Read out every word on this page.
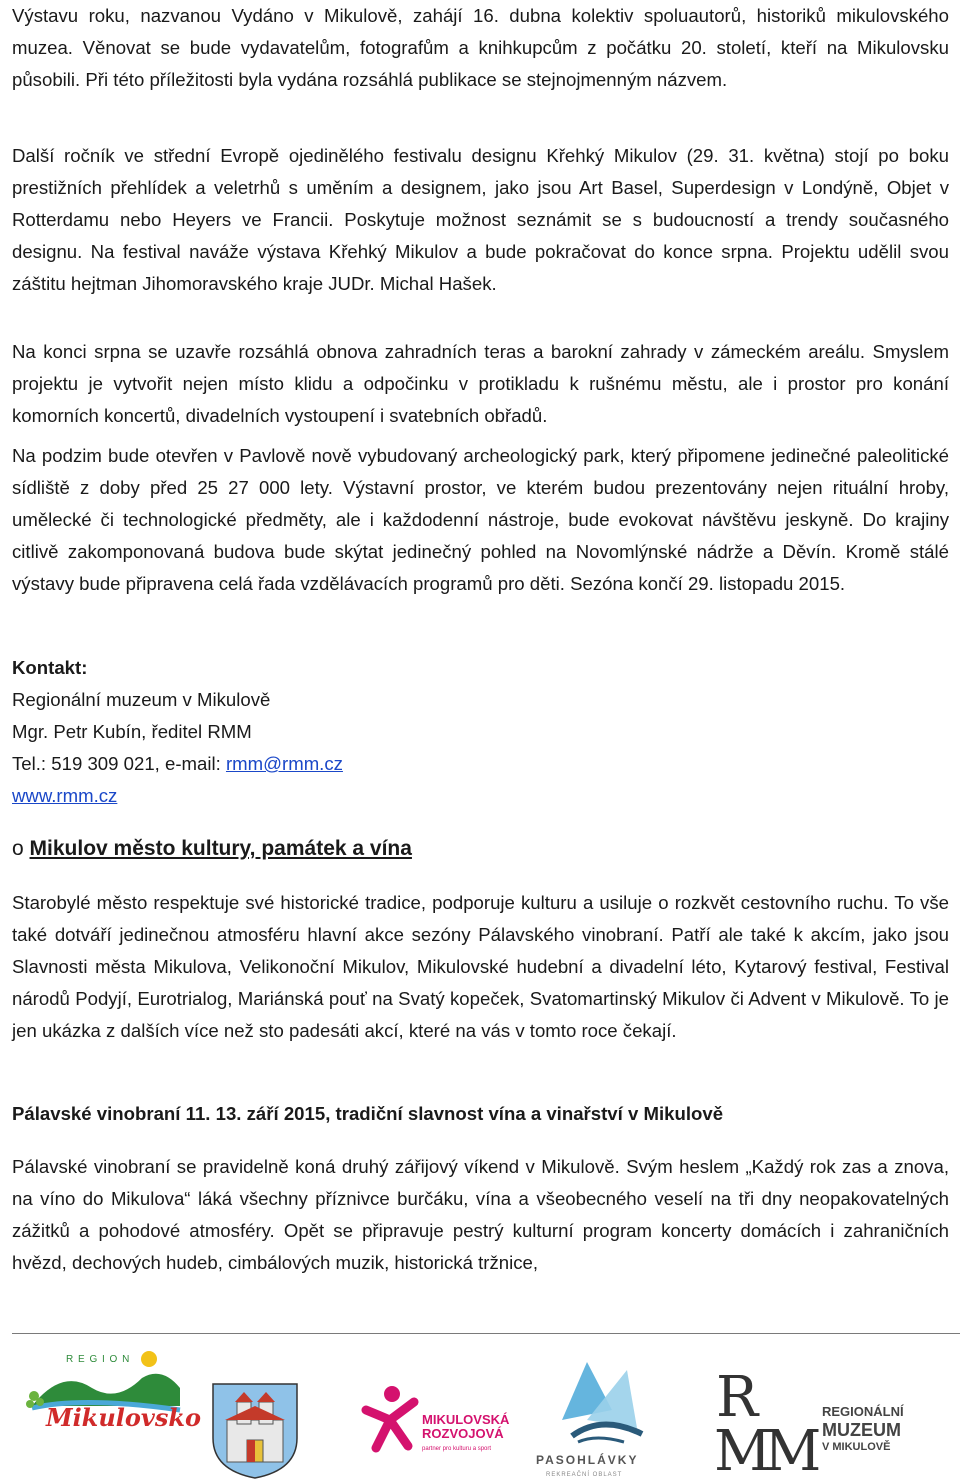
Výstavu roku, nazvanou Vydáno v Mikulově, zahájí 16. dubna kolektiv spoluautorů, historiků mikulovského muzea. Věnovat se bude vydavatelům, fotografům a knihkupcům z počátku 20. století, kteří na Mikulovsku působili. Při této příležitosti byla vydána rozsáhlá publikace se stejnojmenným názvem.

Další ročník ve střední Evropě ojedinělého festivalu designu Křehký Mikulov (29. 31. května) stojí po boku prestižních přehlídek a veletrhů s uměním a designem, jako jsou Art Basel, Superdesign v Londýně, Objet v Rotterdamu nebo Heyers ve Francii. Poskytuje možnost seznámit se s budoucností a trendy současného designu. Na festival naváže výstava Křehký Mikulov a bude pokračovat do konce srpna. Projektu udělil svou záštitu hejtman Jihomoravského kraje JUDr. Michal Hašek.

Na konci srpna se uzavře rozsáhlá obnova zahradních teras a barokní zahrady v zámeckém areálu. Smyslem projektu je vytvořit nejen místo klidu a odpočinku v protikladu k rušnému městu, ale i prostor pro konání komorních koncertů, divadelních vystoupení i svatebních obřadů.

Na podzim bude otevřen v Pavlově nově vybudovaný archeologický park, který připomene jedinečné paleolitické sídliště z doby před 25 27 000 lety. Výstavní prostor, ve kterém budou prezentovány nejen rituální hroby, umělecké či technologické předměty, ale i každodenní nástroje, bude evokovat návštěvu jeskyně. Do krajiny citlivě zakomponovaná budova bude skýtat jedinečný pohled na Novomlýnské nádrže a Děvín. Kromě stálé výstavy bude připravena celá řada vzdělávacích programů pro děti. Sezóna končí 29. listopadu 2015.

Kontakt:
Regionální muzeum v Mikulově
Mgr. Petr Kubín, ředitel RMM
Tel.: 519 309 021, e-mail: rmm@rmm.cz
www.rmm.cz
o Mikulov město kultury, památek a vína

Starobylé město respektuje své historické tradice, podporuje kulturu a usiluje o rozkvět cestovního ruchu. To vše také dotváří jedinečnou atmosféru hlavní akce sezóny Pálavského vinobraní. Patří ale také k akcím, jako jsou Slavnosti města Mikulova, Velikonoční Mikulov, Mikulovské hudební a divadelní léto, Kytarový festival, Festival národů Podyjí, Eurotrialog, Mariánská pouť na Svatý kopeček, Svatomartinský Mikulov či Advent v Mikulově. To je jen ukázka z dalších více než sto padesáti akcí, které na vás v tomto roce čekají.

Pálavské vinobraní 11. 13. září 2015, tradiční slavnost vína a vinařství v Mikulově

Pálavské vinobraní se pravidelně koná druhý zářijový víkend v Mikulově. Svým heslem „Každý rok zas a znova, na víno do Mikulova“ láká všechny příznivce burčáku, vína a všeobecného veselí na tři dny neopakovatelných zážitků a pohodové atmosféry. Opět se připravuje pestrý kulturní program koncerty domácích i zahraničních hvězd, dechových hudeb, cimbálových muzik, historická tržnice,

R E G I O N
Mikulovsko	MIKULOVSKÁ
ROZVOJOVÁ
partner pro kulturu a sport
PASOHLÁVKY
REKREAČNÍ OBLAST
R
M
M
REGIONÁLNÍ
MUZEUM
V MIKULOVĚ
